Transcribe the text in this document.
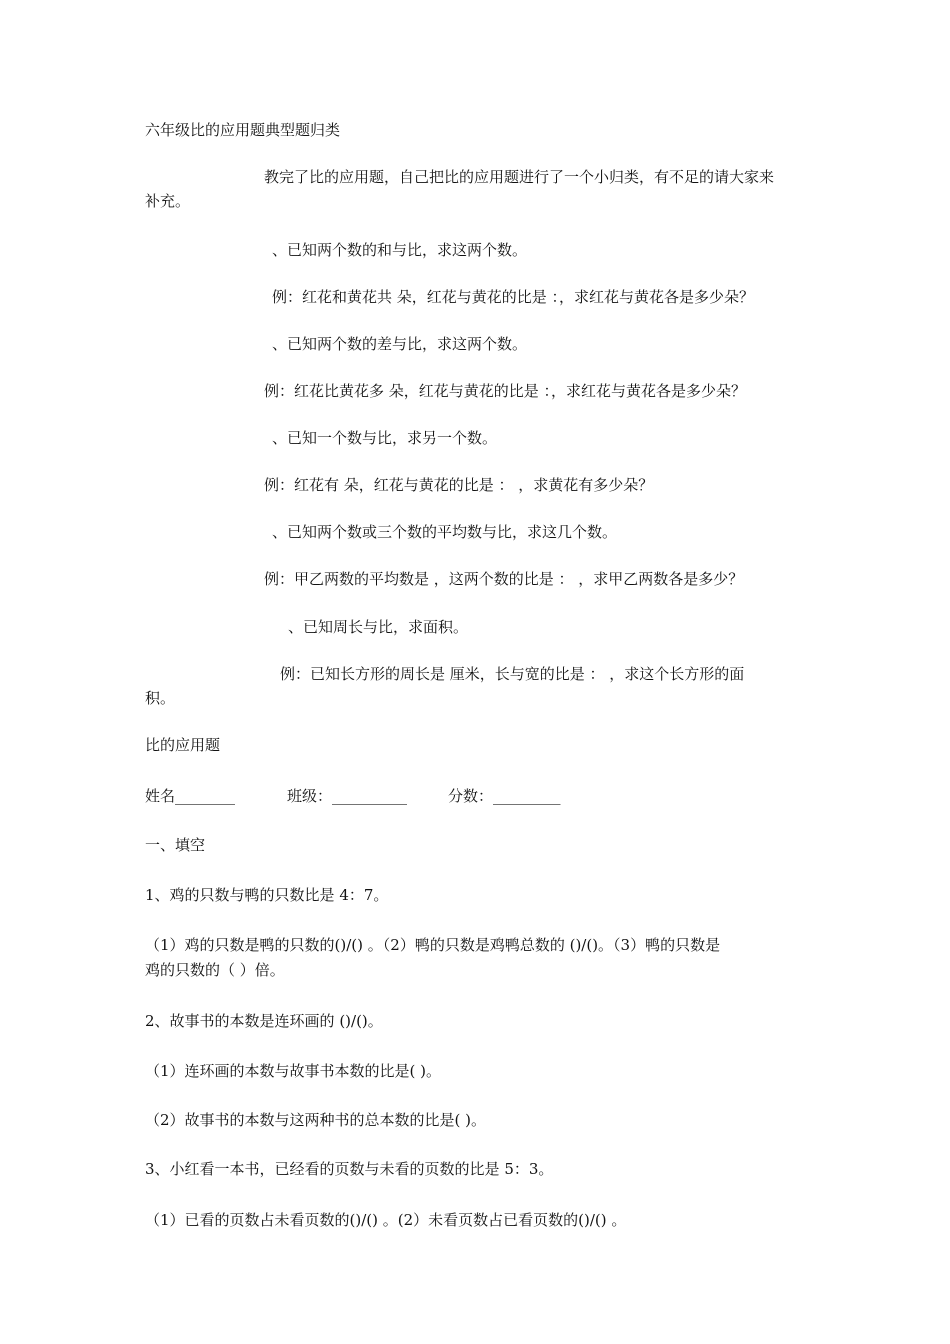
六年级比的应用题典型题归类

教完了比的应用题，自己把比的应用题进行了一个小归类，有不足的请大家来

补充。

、已知两个数的和与比，求这两个数。

例：红花和黄花共 朵，红花与黄花的比是 ：，求红花与黄花各是多少朵？

、已知两个数的差与比，求这两个数。

例：红花比黄花多 朵，红花与黄花的比是 ：，求红花与黄花各是多少朵？

、已知一个数与比，求另一个数。

例：红花有 朵，红花与黄花的比是 ： ，求黄花有多少朵？

、已知两个数或三个数的平均数与比，求这几个数。

例：甲乙两数的平均数是 ，这两个数的比是 ： ，求甲乙两数各是多少？

、已知周长与比，求面积。

例：已知长方形的周长是 厘米，长与宽的比是 ： ，求这个长方形的面

积。

比的应用题

姓名________	班级：__________	分数：_________

一、填空

1、鸡的只数与鸭的只数比是 4：7。

（1）鸡的只数是鸭的只数的()/() 。（2）鸭的只数是鸡鸭总数的 ()/()。（3）鸭的只数是

鸡的只数的（ ）倍。

2、故事书的本数是连环画的 ()/()。

（1）连环画的本数与故事书本数的比是( )。

（2）故事书的本数与这两种书的总本数的比是( )。

3、小红看一本书，已经看的页数与未看的页数的比是 5：3。

（1）已看的页数占未看页数的()/() 。(2）未看页数占已看页数的()/() 。
